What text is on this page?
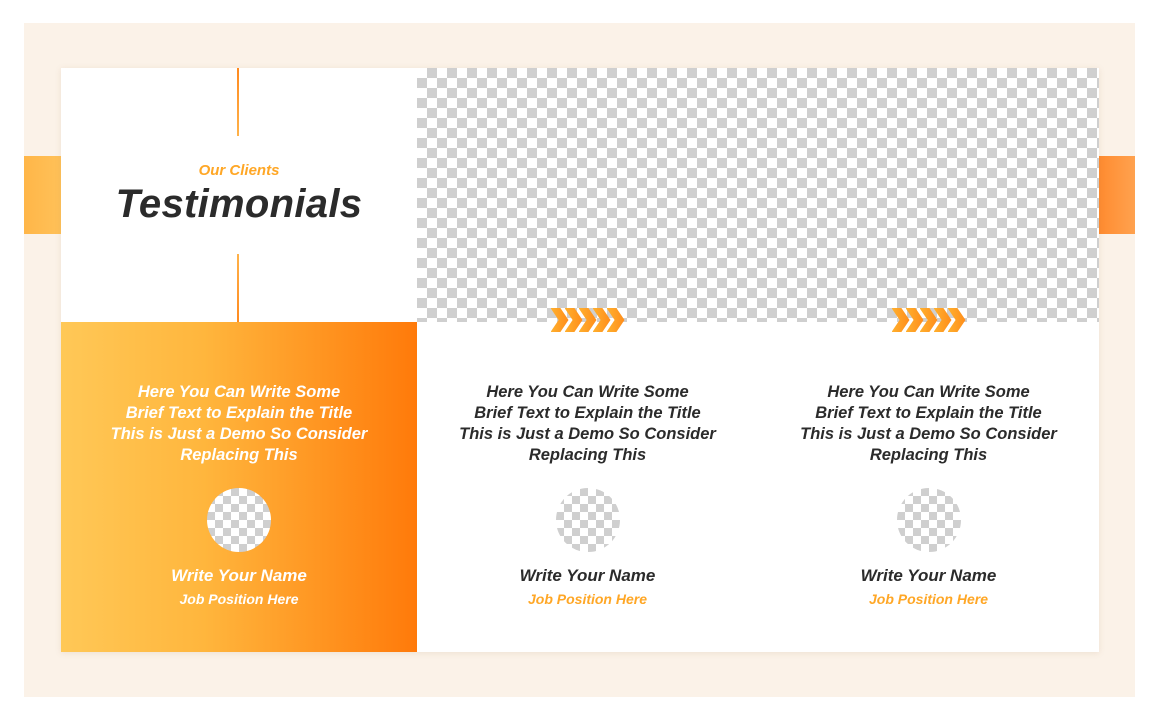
Our Clients
Testimonials
Here You Can Write Some
Brief Text to Explain the Title
This is Just a Demo So Consider
Replacing This
Write Your Name
Job Position Here
Here You Can Write Some
Brief Text to Explain the Title
This is Just a Demo So Consider
Replacing This
Write Your Name
Job Position Here
Here You Can Write Some
Brief Text to Explain the Title
This is Just a Demo So Consider
Replacing This
Write Your Name
Job Position Here
